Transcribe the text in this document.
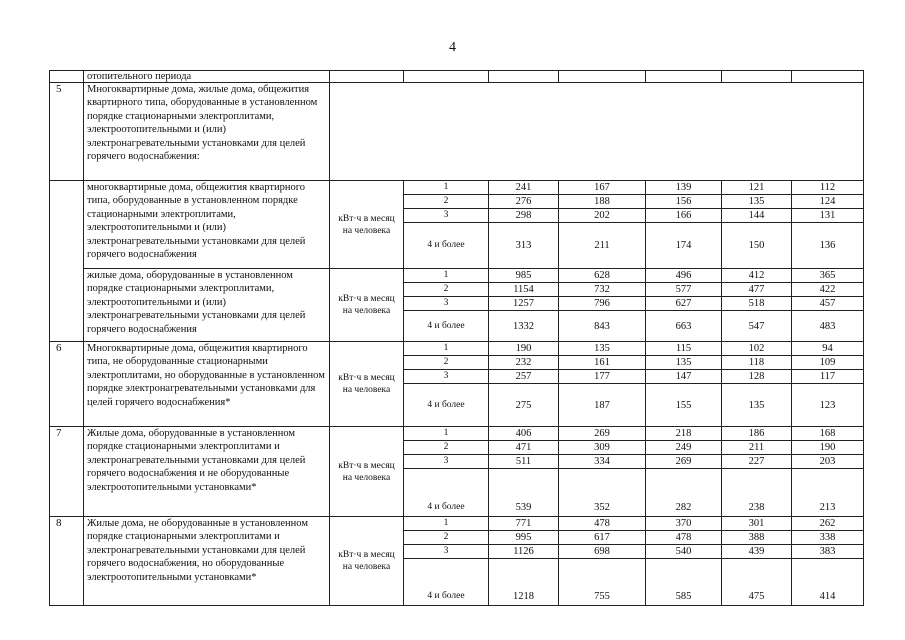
4
	отопительного периода							
5	Многоквартирные дома, жилые дома, общежития квартирного типа, оборудованные в установленном порядке стационарными электроплитами, электроотопительными и (или) электронагревательными установками для целей горячего водоснабжения:							
	многоквартирные дома, общежития квартирного типа, оборудованные в установленном порядке стационарными электроплитами, электроотопительными и (или) электронагревательными установками для целей горячего водоснабжения	кВт·ч в месяц на человека	1	241	167	139	121	112
			2	276	188	156	135	124
			3	298	202	166	144	131
			4 и более	313	211	174	150	136
	жилые дома, оборудованные в установленном порядке стационарными электроплитами, электроотопительными и (или) электронагревательными установками для целей горячего водоснабжения	кВт·ч в месяц на человека	1	985	628	496	412	365
			2	1154	732	577	477	422
			3	1257	796	627	518	457
			4 и более	1332	843	663	547	483
6	Многоквартирные дома, общежития квартирного типа, не оборудованные стационарными электроплитами, но оборудованные в установленном порядке электронагревательными установками для целей горячего водоснабжения*	кВт·ч в месяц на человека	1	190	135	115	102	94
			2	232	161	135	118	109
			3	257	177	147	128	117
			4 и более	275	187	155	135	123
7	Жилые дома, оборудованные в установленном порядке стационарными электроплитами и электронагревательными установками для целей горячего водоснабжения и не оборудованные электроотопительными установками*	кВт·ч в месяц на человека	1	406	269	218	186	168
			2	471	309	249	211	190
			3	511	334	269	227	203
			4 и более	539	352	282	238	213
8	Жилые дома, не оборудованные в установленном порядке стационарными электроплитами и электронагревательными установками для целей горячего водоснабжения, но оборудованные электроотопительными установками*	кВт·ч в месяц на человека	1	771	478	370	301	262
			2	995	617	478	388	338
			3	1126	698	540	439	383
			4 и более	1218	755	585	475	414
